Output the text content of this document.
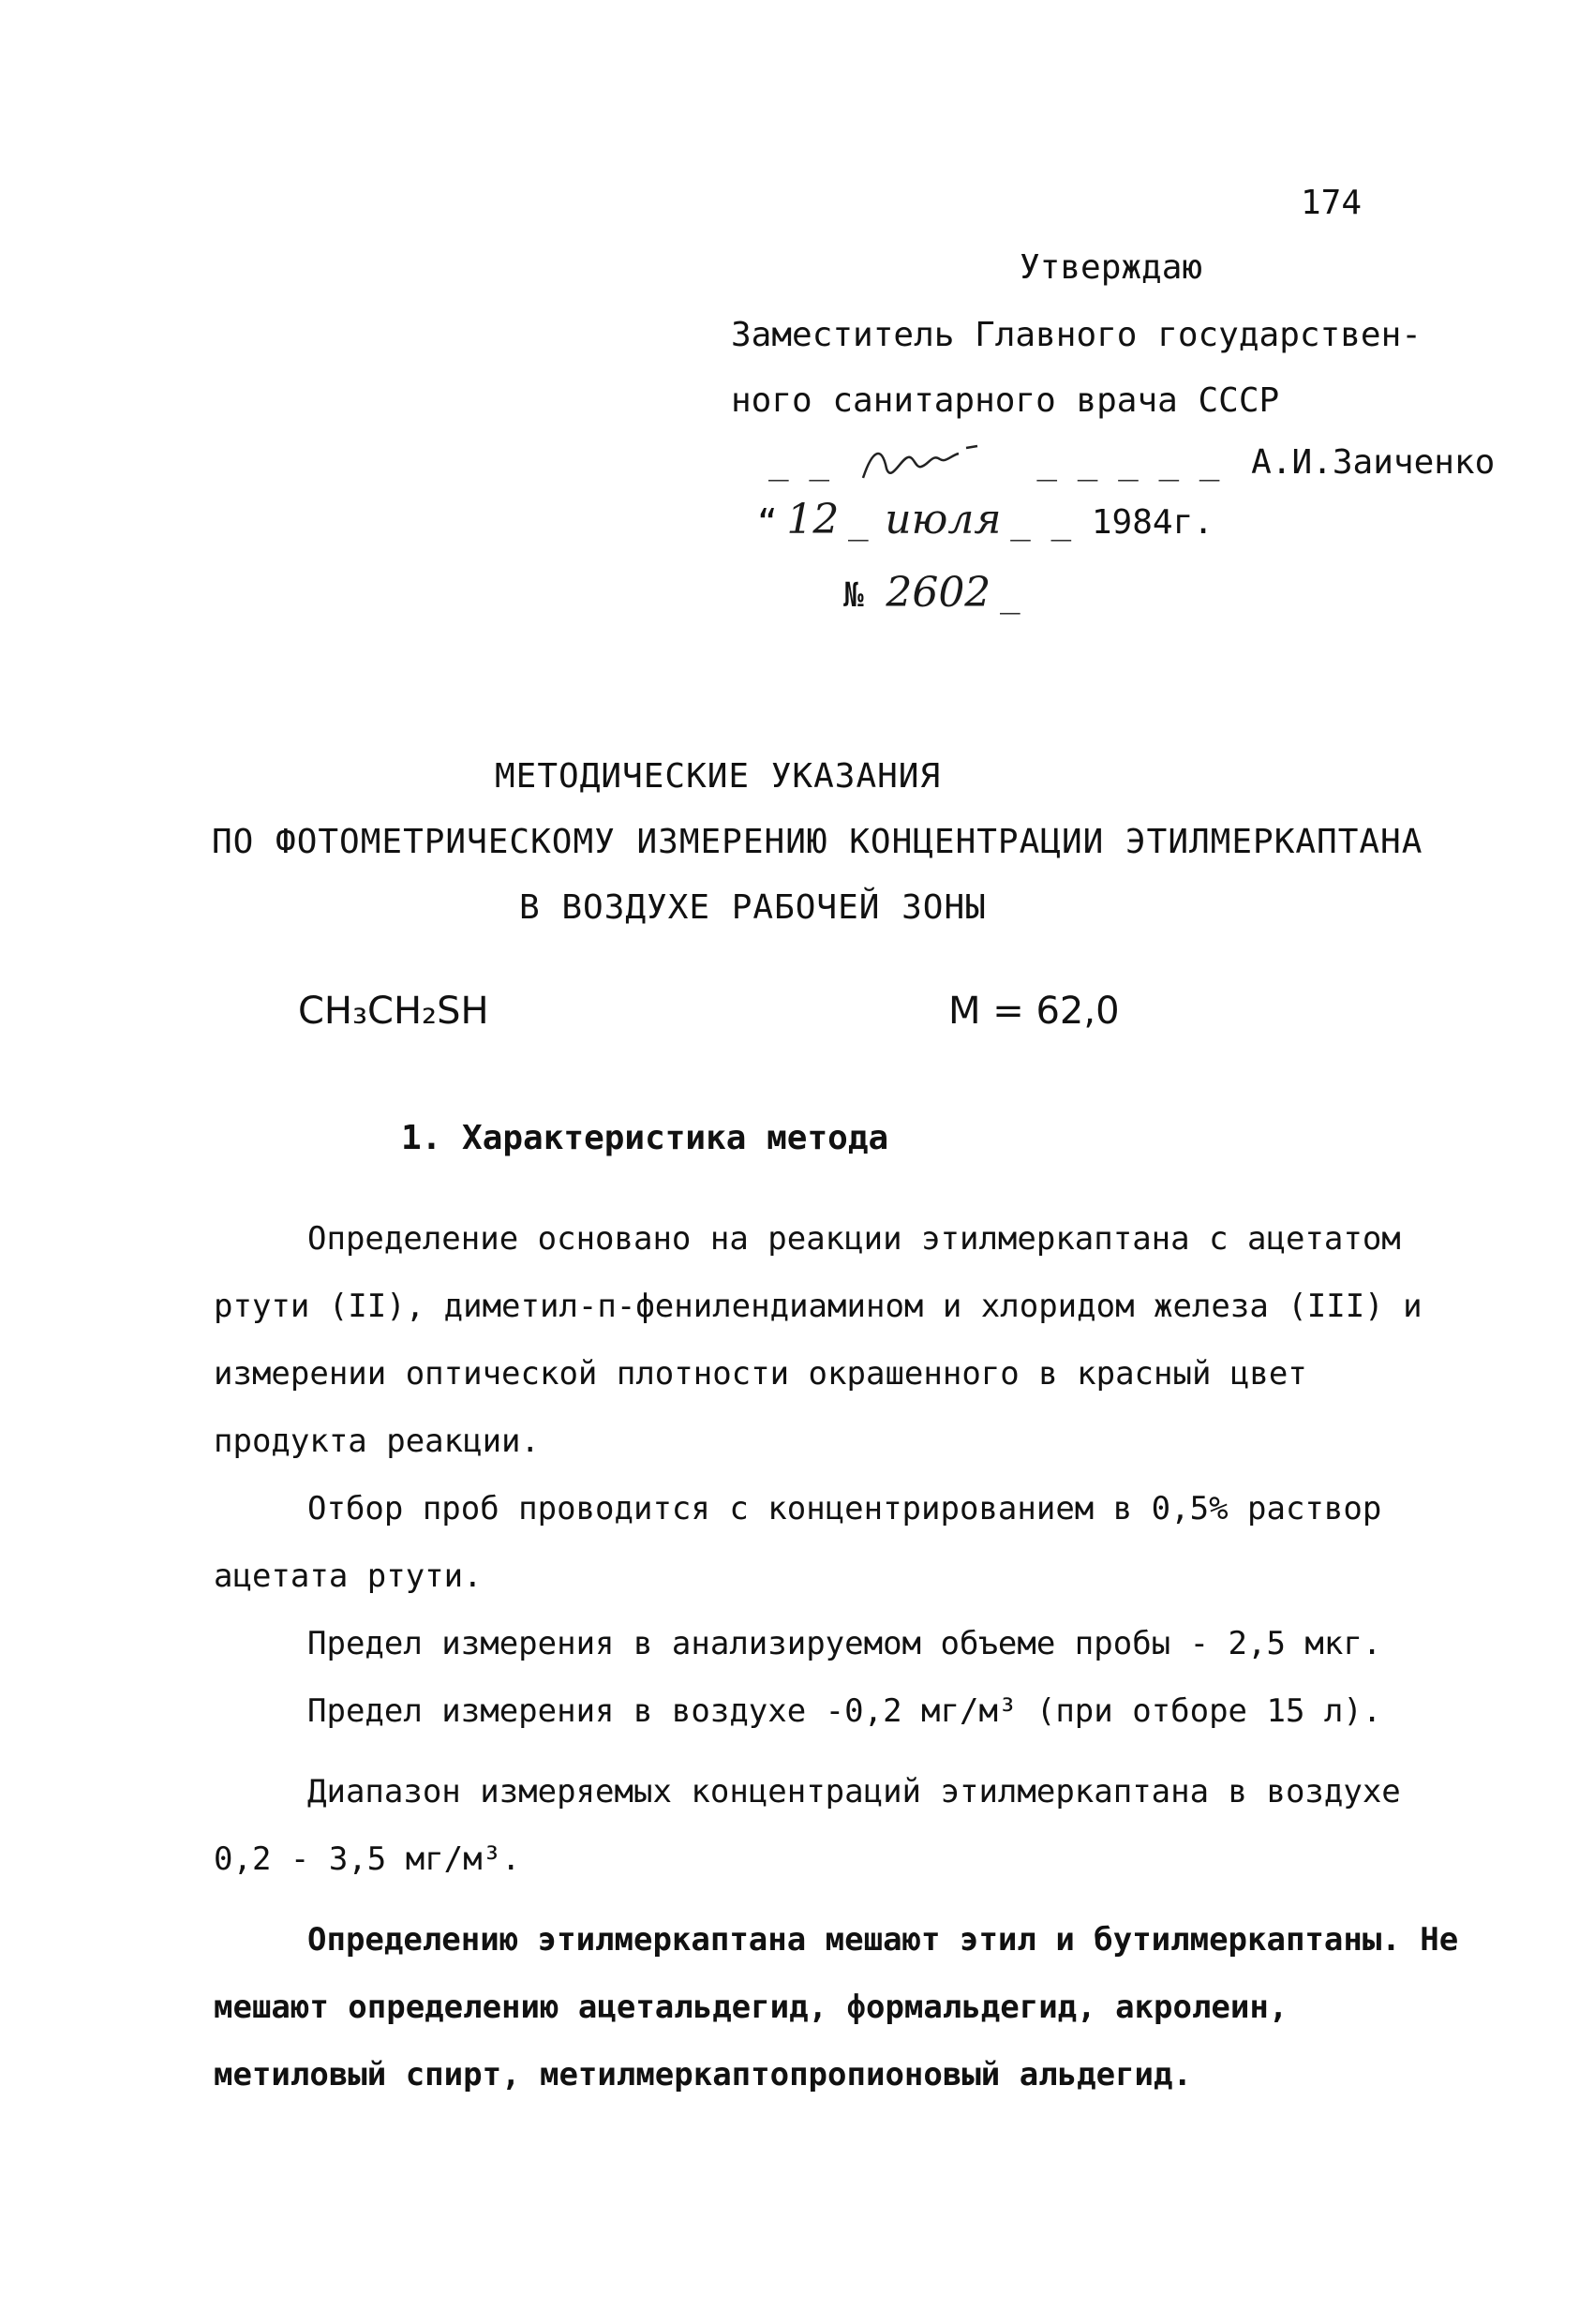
174
Утверждаю
Заместитель Главного государствен-
ного санитарного врача СССР
_ _	_ _ _ _ _ А.И.Заиченко
“ 12 _ июля _ _ 1984г.
№ 2602 _
МЕТОДИЧЕСКИЕ УКАЗАНИЯ
ПО ФОТОМЕТРИЧЕСКОМУ ИЗМЕРЕНИЮ КОНЦЕНТРАЦИИ ЭТИЛМЕРКАПТАНА
В ВОЗДУХЕ РАБОЧЕЙ ЗОНЫ
CH₃CH₂SH	М = 62,0
1. Характеристика метода

Определение основано на реакции этилмеркаптана с ацетатом ртути (II), диметил-п-фенилендиамином и хлоридом железа (III) и измерении оптической плотности окрашенного в красный цвет продукта реакции.

Отбор проб проводится с концентрированием в 0,5% раствор ацетата ртути.

Предел измерения в анализируемом объеме пробы - 2,5 мкг.

Предел измерения в воздухе -0,2 мг/м³ (при отборе 15 л).

Диапазон измеряемых концентраций этилмеркаптана в воздухе 0,2 - 3,5 мг/м³.

Определению этилмеркаптана мешают этил и бутилмеркаптаны. Не мешают определению ацетальдегид, формальдегид, акролеин, метиловый спирт, метилмеркаптопропионовый альдегид.
